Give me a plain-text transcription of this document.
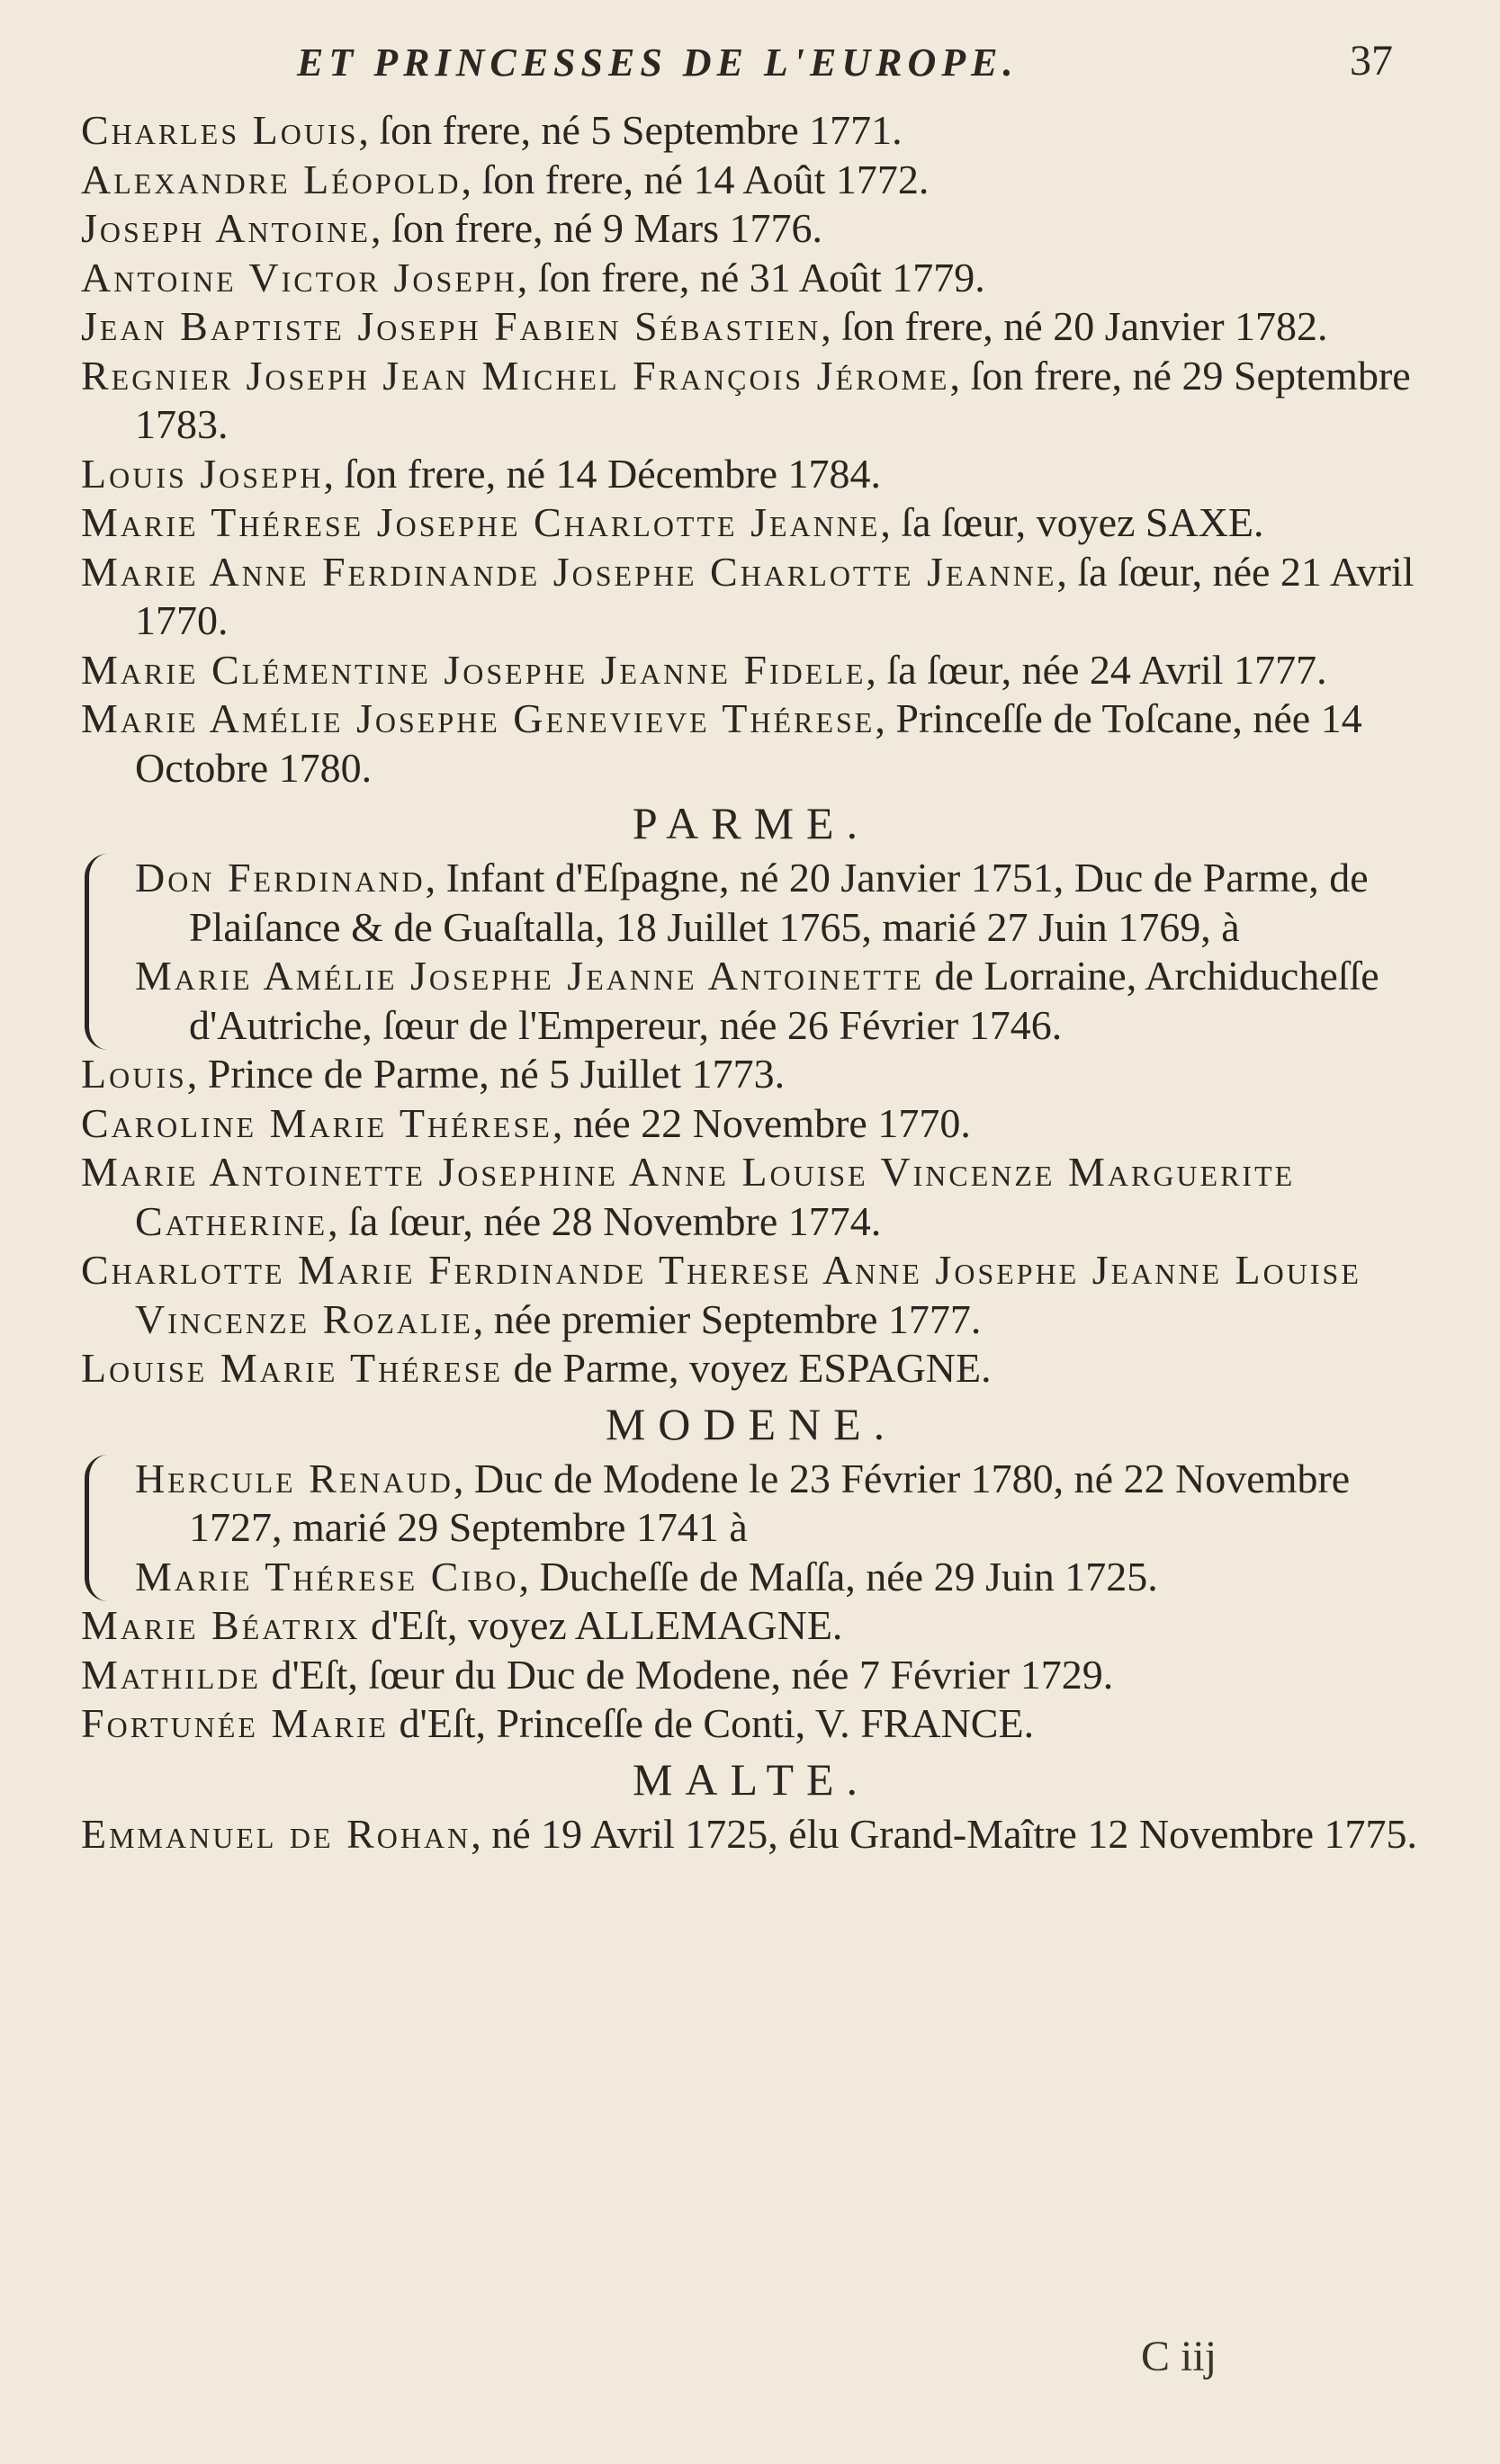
ET PRINCESSES DE L'EUROPE.	37

Charles Louis, ſon frere, né 5 Septembre 1771.

Alexandre Léopold, ſon frere, né 14 Août 1772.

Joseph Antoine, ſon frere, né 9 Mars 1776.

Antoine Victor Joseph, ſon frere, né 31 Août 1779.

Jean Baptiste Joseph Fabien Sébastien, ſon frere, né 20 Janvier 1782.

Regnier Joseph Jean Michel François Jérome, ſon frere, né 29 Septembre 1783.

Louis Joseph, ſon frere, né 14 Décembre 1784.

Marie Thérese Josephe Charlotte Jeanne, ſa ſœur, voyez SAXE.

Marie Anne Ferdinande Josephe Charlotte Jeanne, ſa ſœur, née 21 Avril 1770.

Marie Clémentine Josephe Jeanne Fidele, ſa ſœur, née 24 Avril 1777.

Marie Amélie Josephe Genevieve Thérese, Princeſſe de Toſcane, née 14 Octobre 1780.

PARME.

Don Ferdinand, Infant d'Eſpagne, né 20 Janvier 1751, Duc de Parme, de Plaiſance & de Guaſtalla, 18 Juillet 1765, marié 27 Juin 1769, à

Marie Amélie Josephe Jeanne Antoinette de Lorraine, Archiducheſſe d'Autriche, ſœur de l'Empereur, née 26 Février 1746.

Louis, Prince de Parme, né 5 Juillet 1773.

Caroline Marie Thérese, née 22 Novembre 1770.

Marie Antoinette Josephine Anne Louise Vincenze Marguerite Catherine, ſa ſœur, née 28 Novembre 1774.

Charlotte Marie Ferdinande Therese Anne Josephe Jeanne Louise Vincenze Rozalie, née premier Septembre 1777.

Louise Marie Thérese de Parme, voyez ESPAGNE.

MODENE.

Hercule Renaud, Duc de Modene le 23 Février 1780, né 22 Novembre 1727, marié 29 Septembre 1741 à

Marie Thérese Cibo, Ducheſſe de Maſſa, née 29 Juin 1725.

Marie Béatrix d'Eſt, voyez ALLEMAGNE.

Mathilde d'Eſt, ſœur du Duc de Modene, née 7 Février 1729.

Fortunée Marie d'Eſt, Princeſſe de Conti, V. FRANCE.

MALTE.

Emmanuel de Rohan, né 19 Avril 1725, élu Grand-Maître 12 Novembre 1775.

C iij
